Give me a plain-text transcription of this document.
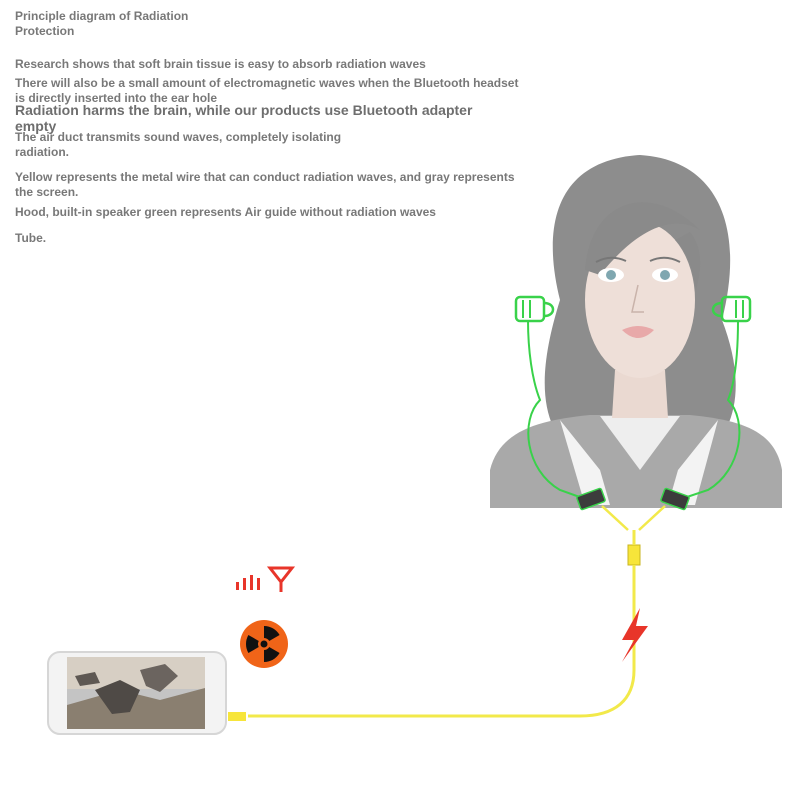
Principle diagram of Radiation Protection

Research shows that soft brain tissue is easy to absorb radiation waves

There will also be a small amount of electromagnetic waves when the Bluetooth headset is directly inserted into the ear hole

Radiation harms the brain, while our products use Bluetooth adapter empty

The air duct transmits sound waves, completely isolating radiation.

Yellow represents the metal wire that can conduct radiation waves, and gray represents the screen.

Hood, built-in speaker green represents Air guide without radiation waves

Tube.
